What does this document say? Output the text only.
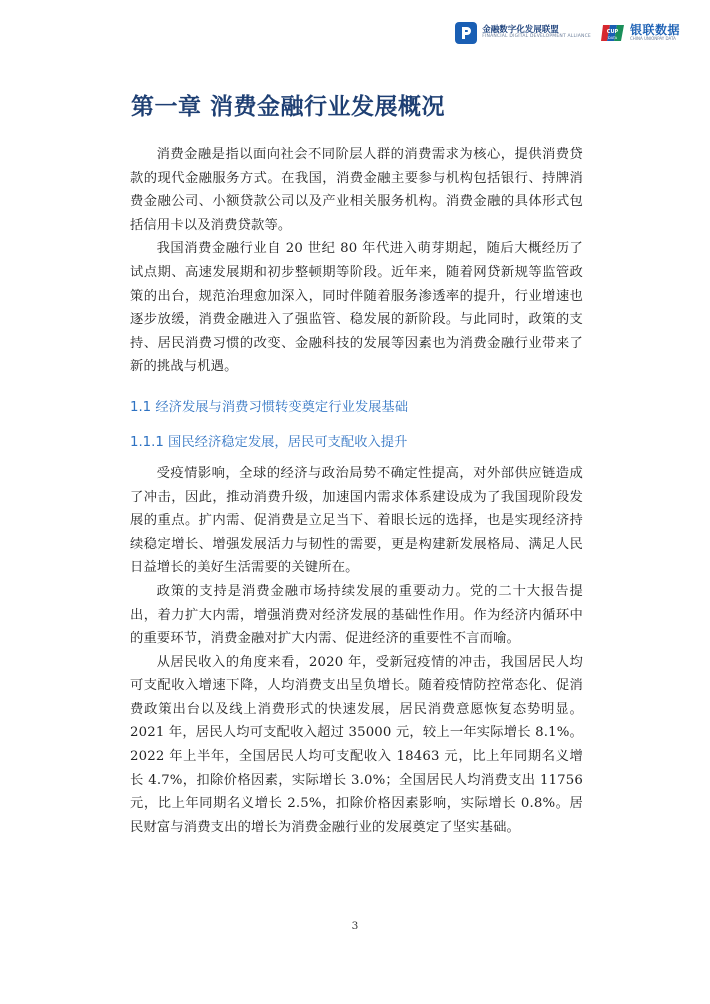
金融数字化发展联盟
FINANCIAL DIGITAL DEVELOPMENT ALLIANCE
CUP
DATA
银联数据
CHINA UNIONPAY DATA
第一章 消费金融行业发展概况

消费金融是指以面向社会不同阶层人群的消费需求为核心，提供消费贷款的现代金融服务方式。在我国，消费金融主要参与机构包括银行、持牌消费金融公司、小额贷款公司以及产业相关服务机构。消费金融的具体形式包括信用卡以及消费贷款等。

我国消费金融行业自 20 世纪 80 年代进入萌芽期起，随后大概经历了试点期、高速发展期和初步整顿期等阶段。近年来，随着网贷新规等监管政策的出台，规范治理愈加深入，同时伴随着服务渗透率的提升，行业增速也逐步放缓，消费金融进入了强监管、稳发展的新阶段。与此同时，政策的支持、居民消费习惯的改变、金融科技的发展等因素也为消费金融行业带来了新的挑战与机遇。

1.1 经济发展与消费习惯转变奠定行业发展基础
1.1.1 国民经济稳定发展，居民可支配收入提升

受疫情影响，全球的经济与政治局势不确定性提高，对外部供应链造成了冲击，因此，推动消费升级，加速国内需求体系建设成为了我国现阶段发展的重点。扩内需、促消费是立足当下、着眼长远的选择，也是实现经济持续稳定增长、增强发展活力与韧性的需要，更是构建新发展格局、满足人民日益增长的美好生活需要的关键所在。

政策的支持是消费金融市场持续发展的重要动力。党的二十大报告提出，着力扩大内需，增强消费对经济发展的基础性作用。作为经济内循环中的重要环节，消费金融对扩大内需、促进经济的重要性不言而喻。

从居民收入的角度来看，2020 年，受新冠疫情的冲击，我国居民人均可支配收入增速下降，人均消费支出呈负增长。随着疫情防控常态化、促消费政策出台以及线上消费形式的快速发展，居民消费意愿恢复态势明显。2021 年，居民人均可支配收入超过 35000 元，较上一年实际增长 8.1%。2022 年上半年，全国居民人均可支配收入 18463 元，比上年同期名义增长 4.7%，扣除价格因素，实际增长 3.0%；全国居民人均消费支出 11756 元，比上年同期名义增长 2.5%，扣除价格因素影响，实际增长 0.8%。居民财富与消费支出的增长为消费金融行业的发展奠定了坚实基础。

3
